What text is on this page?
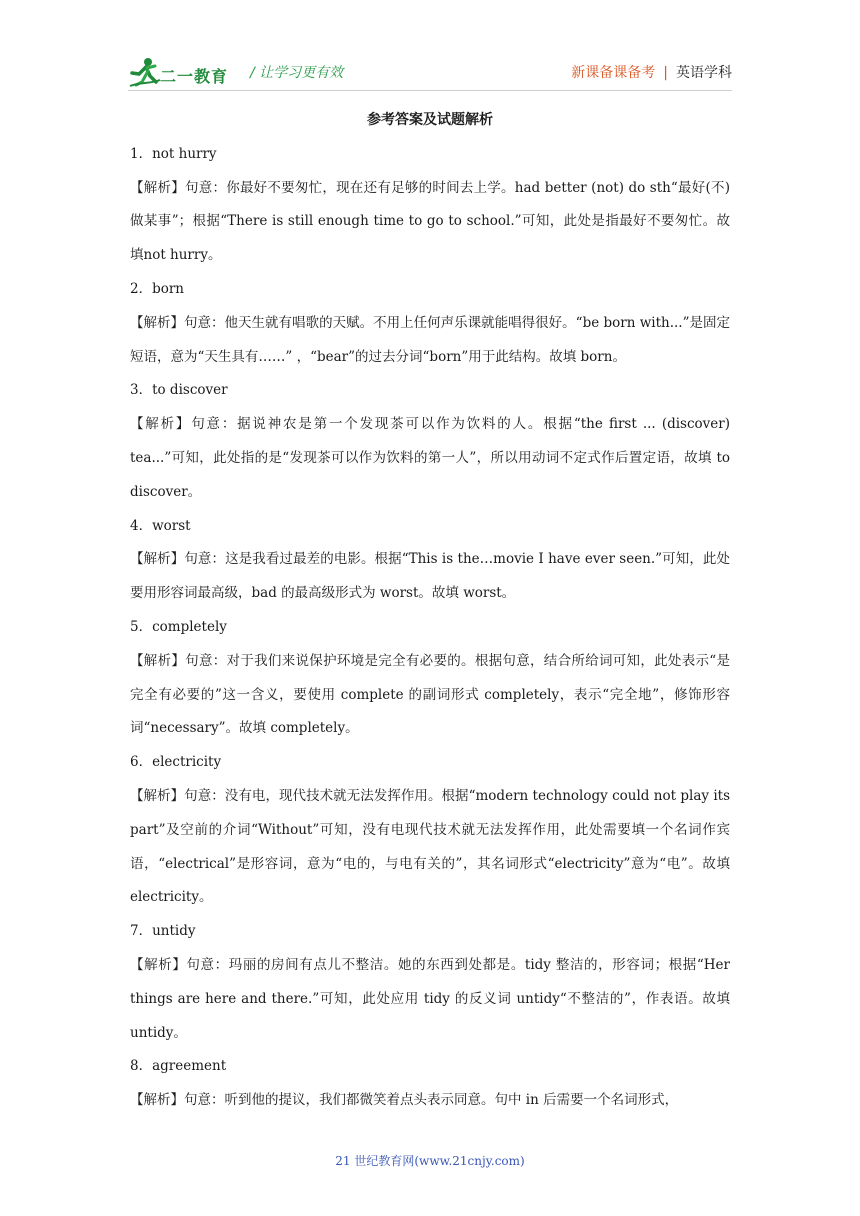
二一教育 / 让学习更有效	新课备课备考 | 英语学科

参考答案及试题解析

1．not hurry

【解析】句意：你最好不要匆忙，现在还有足够的时间去上学。had better (not) do sth“最好(不)做某事”；根据“There is still enough time to go to school.”可知，此处是指最好不要匆忙。故填not hurry。

2．born

【解析】句意：他天生就有唱歌的天赋。不用上任何声乐课就能唱得很好。“be born with...”是固定短语，意为“天生具有……” ，“bear”的过去分词“born”用于此结构。故填 born。

3．to discover

【解析】句意：据说神农是第一个发现茶可以作为饮料的人。根据“the first ... (discover) tea...”可知，此处指的是“发现茶可以作为饮料的第一人”，所以用动词不定式作后置定语，故填 to discover。

4．worst

【解析】句意：这是我看过最差的电影。根据“This is the…movie I have ever seen.”可知，此处要用形容词最高级，bad 的最高级形式为 worst。故填 worst。

5．completely

【解析】句意：对于我们来说保护环境是完全有必要的。根据句意，结合所给词可知，此处表示“是完全有必要的”这一含义，要使用 complete 的副词形式 completely，表示“完全地”，修饰形容词“necessary”。故填 completely。

6．electricity

【解析】句意：没有电，现代技术就无法发挥作用。根据“modern technology could not play its part”及空前的介词“Without”可知，没有电现代技术就无法发挥作用，此处需要填一个名词作宾语，“electrical”是形容词，意为“电的，与电有关的”，其名词形式“electricity”意为“电”。故填 electricity。

7．untidy

【解析】句意：玛丽的房间有点儿不整洁。她的东西到处都是。tidy 整洁的，形容词；根据“Her things are here and there.”可知，此处应用 tidy 的反义词 untidy“不整洁的”，作表语。故填 untidy。

8．agreement

【解析】句意：听到他的提议，我们都微笑着点头表示同意。句中 in 后需要一个名词形式，

21 世纪教育网(www.21cnjy.com)
